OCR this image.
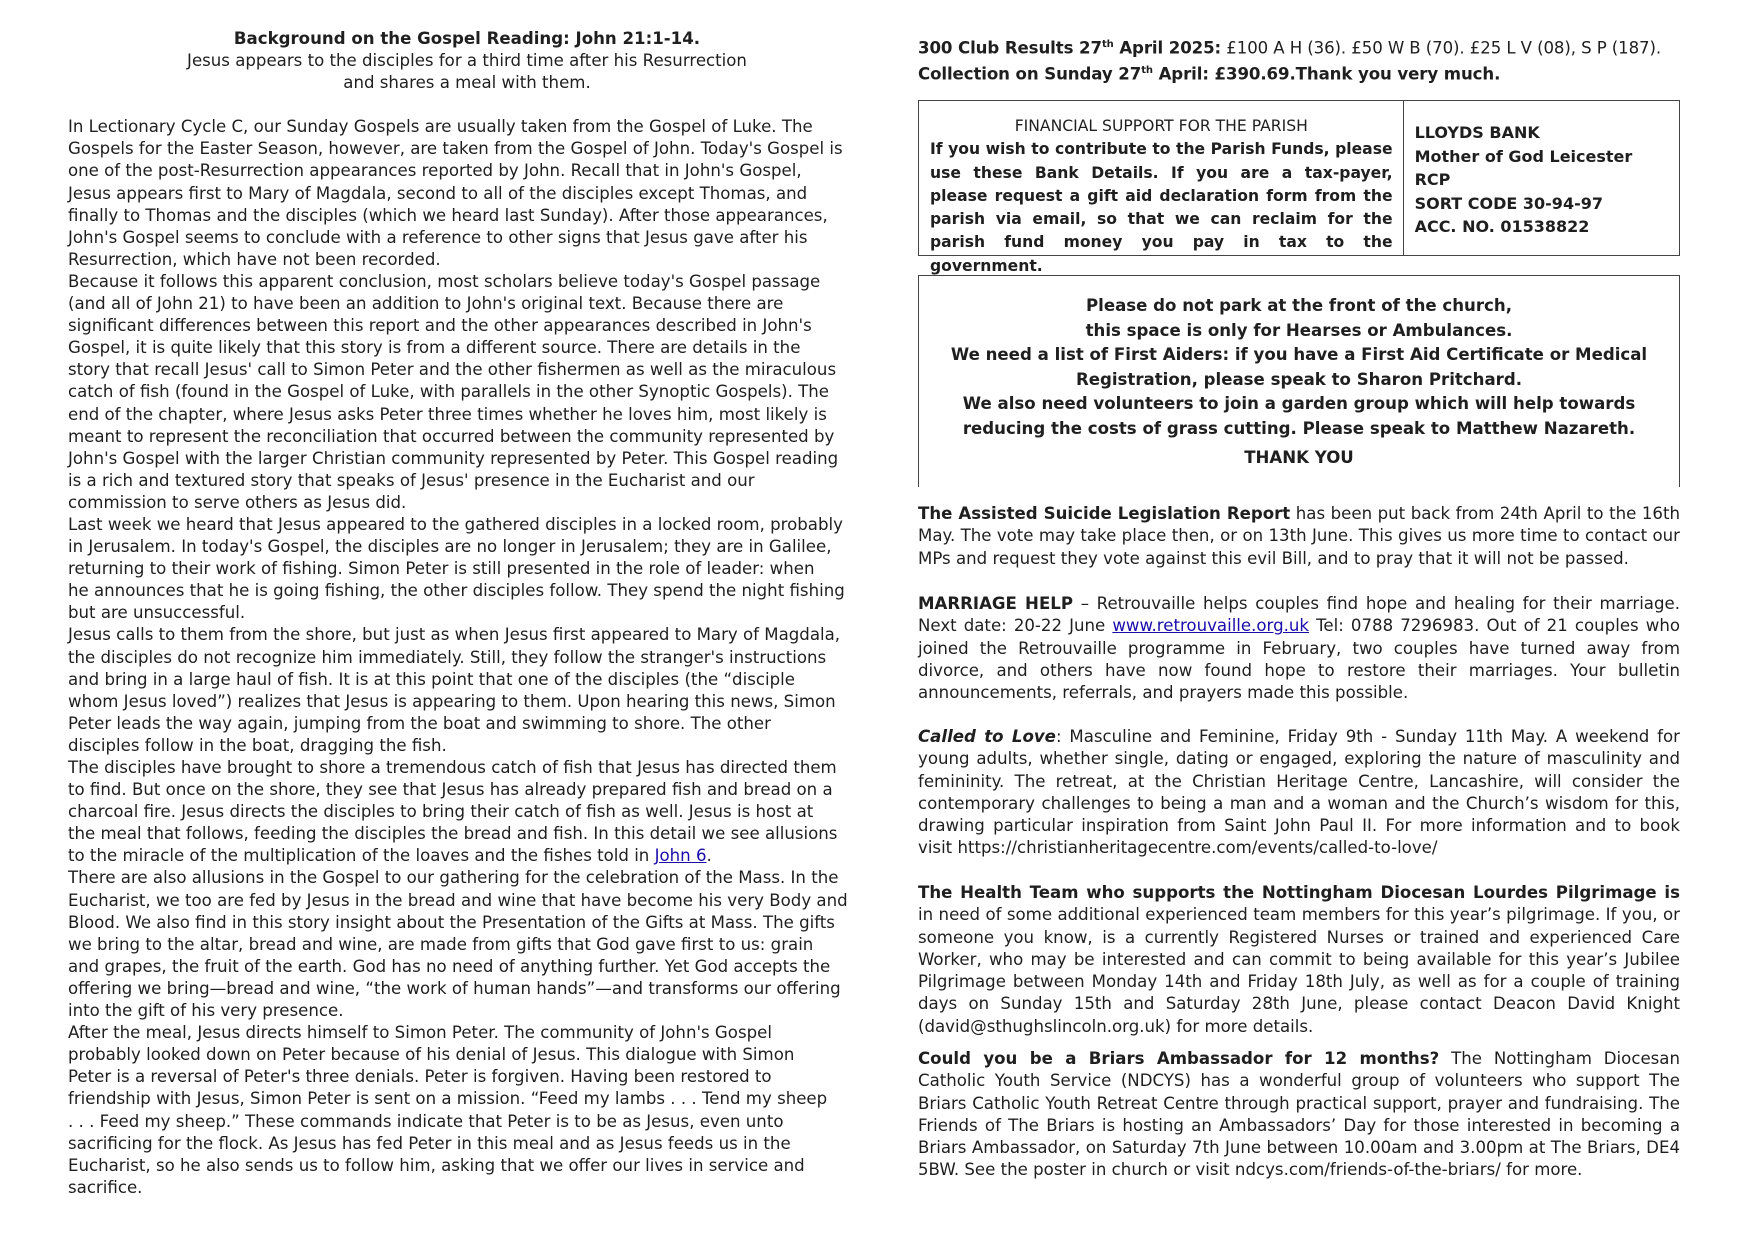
Background on the Gospel Reading: John 21:1-14.
Jesus appears to the disciples for a third time after his Resurrection
and shares a meal with them.
In Lectionary Cycle C, our Sunday Gospels are usually taken from the Gospel of Luke. The
Gospels for the Easter Season, however, are taken from the Gospel of John. Today's Gospel is
one of the post-Resurrection appearances reported by John. Recall that in John's Gospel,
Jesus appears first to Mary of Magdala, second to all of the disciples except Thomas, and
finally to Thomas and the disciples (which we heard last Sunday). After those appearances,
John's Gospel seems to conclude with a reference to other signs that Jesus gave after his
Resurrection, which have not been recorded.
Because it follows this apparent conclusion, most scholars believe today's Gospel passage
(and all of John 21) to have been an addition to John's original text. Because there are
significant differences between this report and the other appearances described in John's
Gospel, it is quite likely that this story is from a different source. There are details in the
story that recall Jesus' call to Simon Peter and the other fishermen as well as the miraculous
catch of fish (found in the Gospel of Luke, with parallels in the other Synoptic Gospels). The
end of the chapter, where Jesus asks Peter three times whether he loves him, most likely is
meant to represent the reconciliation that occurred between the community represented by
John's Gospel with the larger Christian community represented by Peter. This Gospel reading
is a rich and textured story that speaks of Jesus' presence in the Eucharist and our
commission to serve others as Jesus did.
Last week we heard that Jesus appeared to the gathered disciples in a locked room, probably
in Jerusalem. In today's Gospel, the disciples are no longer in Jerusalem; they are in Galilee,
returning to their work of fishing. Simon Peter is still presented in the role of leader: when
he announces that he is going fishing, the other disciples follow. They spend the night fishing
but are unsuccessful.
Jesus calls to them from the shore, but just as when Jesus first appeared to Mary of Magdala,
the disciples do not recognize him immediately. Still, they follow the stranger's instructions
and bring in a large haul of fish. It is at this point that one of the disciples (the “disciple
whom Jesus loved”) realizes that Jesus is appearing to them. Upon hearing this news, Simon
Peter leads the way again, jumping from the boat and swimming to shore. The other
disciples follow in the boat, dragging the fish.
The disciples have brought to shore a tremendous catch of fish that Jesus has directed them
to find. But once on the shore, they see that Jesus has already prepared fish and bread on a
charcoal fire. Jesus directs the disciples to bring their catch of fish as well. Jesus is host at
the meal that follows, feeding the disciples the bread and fish. In this detail we see allusions
to the miracle of the multiplication of the loaves and the fishes told in John 6.
There are also allusions in the Gospel to our gathering for the celebration of the Mass. In the
Eucharist, we too are fed by Jesus in the bread and wine that have become his very Body and
Blood. We also find in this story insight about the Presentation of the Gifts at Mass. The gifts
we bring to the altar, bread and wine, are made from gifts that God gave first to us: grain
and grapes, the fruit of the earth. God has no need of anything further. Yet God accepts the
offering we bring—bread and wine, “the work of human hands”—and transforms our offering
into the gift of his very presence.
After the meal, Jesus directs himself to Simon Peter. The community of John's Gospel
probably looked down on Peter because of his denial of Jesus. This dialogue with Simon
Peter is a reversal of Peter's three denials. Peter is forgiven. Having been restored to
friendship with Jesus, Simon Peter is sent on a mission. “Feed my lambs . . . Tend my sheep
. . . Feed my sheep.” These commands indicate that Peter is to be as Jesus, even unto
sacrificing for the flock. As Jesus has fed Peter in this meal and as Jesus feeds us in the
Eucharist, so he also sends us to follow him, asking that we offer our lives in service and
sacrifice.
300 Club Results 27th April 2025: £100 A H (36). £50 W B (70). £25 L V (08), S P (187).
Collection on Sunday 27th April: £390.69.Thank you very much.
FINANCIAL SUPPORT FOR THE PARISH
If you wish to contribute to the Parish Funds, please use these Bank Details. If you are a tax-payer, please request a gift aid declaration form from the parish via email, so that we can reclaim for the parish fund money you pay in tax to the government.
LLOYDS BANK
Mother of God Leicester RCP
SORT CODE 30-94-97
ACC. NO. 01538822
Please do not park at the front of the church,
this space is only for Hearses or Ambulances.
We need a list of First Aiders: if you have a First Aid Certificate or Medical
Registration, please speak to Sharon Pritchard.
We also need volunteers to join a garden group which will help towards
reducing the costs of grass cutting. Please speak to Matthew Nazareth.
THANK YOU

The Assisted Suicide Legislation Report has been put back from 24th April to the 16th May. The vote may take place then, or on 13th June. This gives us more time to contact our MPs and request they vote against this evil Bill, and to pray that it will not be passed.

MARRIAGE HELP – Retrouvaille helps couples find hope and healing for their marriage. Next date: 20-22 June www.retrouvaille.org.uk Tel: 0788 7296983. Out of 21 couples who joined the Retrouvaille programme in February, two couples have turned away from divorce, and others have now found hope to restore their marriages. Your bulletin announcements, referrals, and prayers made this possible.

Called to Love: Masculine and Feminine, Friday 9th - Sunday 11th May. A weekend for young adults, whether single, dating or engaged, exploring the nature of masculinity and femininity. The retreat, at the Christian Heritage Centre, Lancashire, will consider the contemporary challenges to being a man and a woman and the Church’s wisdom for this, drawing particular inspiration from Saint John Paul II. For more information and to book visit https://christianheritagecentre.com/events/called-to-love/

The Health Team who supports the Nottingham Diocesan Lourdes Pilgrimage is in need of some additional experienced team members for this year’s pilgrimage. If you, or someone you know, is a currently Registered Nurses or trained and experienced Care Worker, who may be interested and can commit to being available for this year’s Jubilee Pilgrimage between Monday 14th and Friday 18th July, as well as for a couple of training days on Sunday 15th and Saturday 28th June, please contact Deacon David Knight (david@sthughslincoln.org.uk) for more details.

Could you be a Briars Ambassador for 12 months? The Nottingham Diocesan Catholic Youth Service (NDCYS) has a wonderful group of volunteers who support The Briars Catholic Youth Retreat Centre through practical support, prayer and fundraising. The Friends of The Briars is hosting an Ambassadors’ Day for those interested in becoming a Briars Ambassador, on Saturday 7th June between 10.00am and 3.00pm at The Briars, DE4 5BW. See the poster in church or visit ndcys.com/friends-of-the-briars/ for more.
